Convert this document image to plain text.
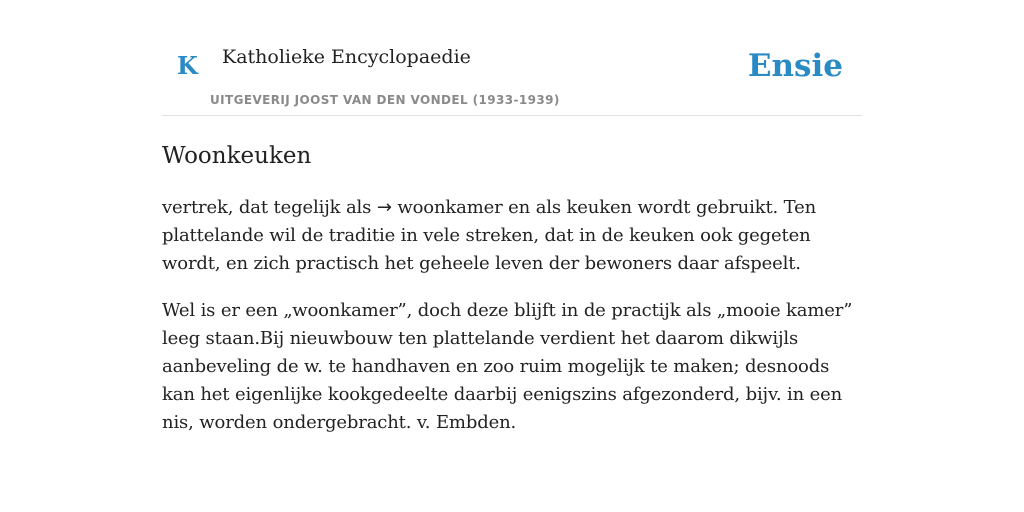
K Katholieke Encyclopaedie
UITGEVERIJ JOOST VAN DEN VONDEL (1933-1939)
Ensie
Woonkeuken

vertrek, dat tegelijk als → woonkamer en als keuken wordt gebruikt. Ten plattelande wil de traditie in vele streken, dat in de keuken ook gegeten wordt, en zich practisch het geheele leven der bewoners daar afspeelt.

Wel is er een „woonkamer”, doch deze blijft in de practijk als „mooie kamer” leeg staan.Bij nieuwbouw ten plattelande verdient het daarom dikwijls aanbeveling de w. te handhaven en zoo ruim mogelijk te maken; desnoods kan het eigenlijke kookgedeelte daarbij eenigszins afgezonderd, bijv. in een nis, worden ondergebracht. v. Embden.
